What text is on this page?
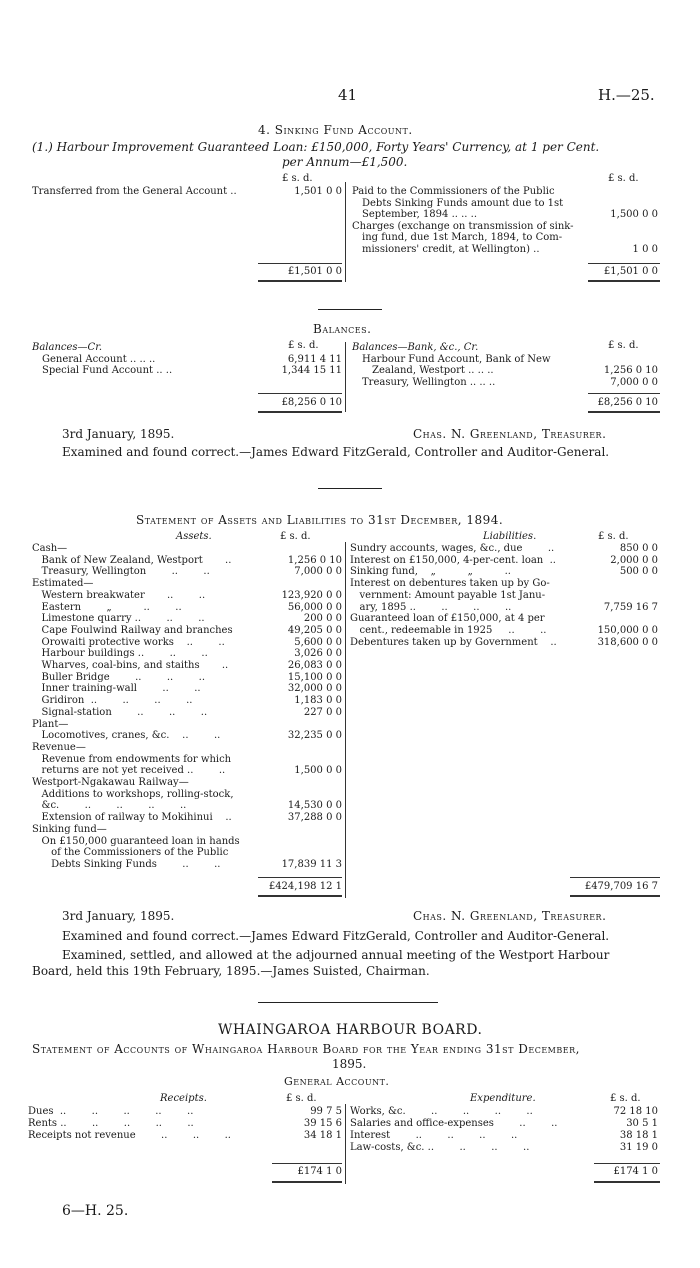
41	H.—25.
4. Sinking Fund Account.
(1.) Harbour Improvement Guaranteed Loan: £150,000, Forty Years' Currency, at 1 per Cent.
per Annum—£1,500.
£ s. d.	£ s. d.
Transferred from the General Account ..	1,501 0 0 Paid to the Commissioners of the Public
Debts Sinking Funds amount due to 1st
September, 1894 .. .. ..	1,500 0 0
Charges (exchange on transmission of sink-
ing fund, due 1st March, 1894, to Com-
missioners' credit, at Wellington) ..	1 0 0
£1,501 0 0	£1,501 0 0
Balances.
£ s. d.	£ s. d.
Balances—Cr.
General Account .. .. ..	6,911 4 11
Special Fund Account .. ..	1,344 15 11
Balances—Bank, &c., Cr.
Harbour Fund Account, Bank of New
Zealand, Westport .. .. ..	1,256 0 10
Treasury, Wellington .. .. ..	7,000 0 0
£8,256 0 10	£8,256 0 10
3rd January, 1895.	Chas. N. Greenland, Treasurer.
Examined and found correct.—James Edward FitzGerald, Controller and Auditor-General.
Statement of Assets and Liabilities to 31st December, 1894.
Assets.	£ s. d.	Liabilities.	£ s. d.
Cash—
Bank of New Zealand, Westport       ..	1,256 0 10
Treasury, Wellington        ..        ..	7,000 0 0
Estimated—
Western breakwater       ..        ..	123,920 0 0
Eastern        „          ..        ..	56,000 0 0
Limestone quarry ..        ..        ..	200 0 0
Cape Foulwind Railway and branches	49,205 0 0
Orowaiti protective works    ..        ..	5,600 0 0
Harbour buildings ..        ..        ..	3,026 0 0
Wharves, coal-bins, and staiths       ..	26,083 0 0
Buller Bridge        ..        ..        ..	15,100 0 0
Inner training-wall        ..        ..	32,000 0 0
Gridiron  ..        ..        ..        ..	1,183 0 0
Signal-station        ..        ..        ..	227 0 0
Plant—
Locomotives, cranes, &c.    ..        ..	32,235 0 0
Revenue—
Revenue from endowments for which
returns are not yet received ..        ..	1,500 0 0
Westport-Ngakawau Railway—
Additions to workshops, rolling-stock,
&c.        ..        ..        ..        ..	14,530 0 0
Extension of railway to Mokihinui    ..	37,288 0 0
Sinking fund—
On £150,000 guaranteed loan in hands
of the Commissioners of the Public
Debts Sinking Funds        ..        ..	17,839 11 3
Sundry accounts, wages, &c., due        ..	850 0 0
Interest on £150,000, 4-per-cent. loan  ..	2,000 0 0
Sinking fund,    „          „          ..	500 0 0
Interest on debentures taken up by Go-
vernment: Amount payable 1st Janu-
ary, 1895 ..        ..        ..        ..	7,759 16 7
Guaranteed loan of £150,000, at 4 per
cent., redeemable in 1925     ..        ..	150,000 0 0
Debentures taken up by Government    ..	318,600 0 0
£424,198 12 1	£479,709 16 7
3rd January, 1895.	Chas. N. Greenland, Treasurer.
Examined and found correct.—James Edward FitzGerald, Controller and Auditor-General.
Examined, settled, and allowed at the adjourned annual meeting of the Westport Harbour
Board, held this 19th February, 1895.—James Suisted, Chairman.
WHAINGAROA HARBOUR BOARD.
Statement of Accounts of Whaingaroa Harbour Board for the Year ending 31st December,
1895.
General Account.
Receipts.	£ s. d.	Expenditure.	£ s. d.
Dues  ..        ..        ..        ..        ..	99 7 5
Rents ..        ..        ..        ..        ..	39 15 6
Receipts not revenue        ..        ..        ..	34 18 1
Works, &c.        ..        ..        ..        ..	72 18 10
Salaries and office-expenses        ..        ..	30 5 1
Interest        ..        ..        ..        ..	38 18 1
Law-costs, &c. ..        ..        ..        ..	31 19 0
£174 1 0	£174 1 0
6—H. 25.
